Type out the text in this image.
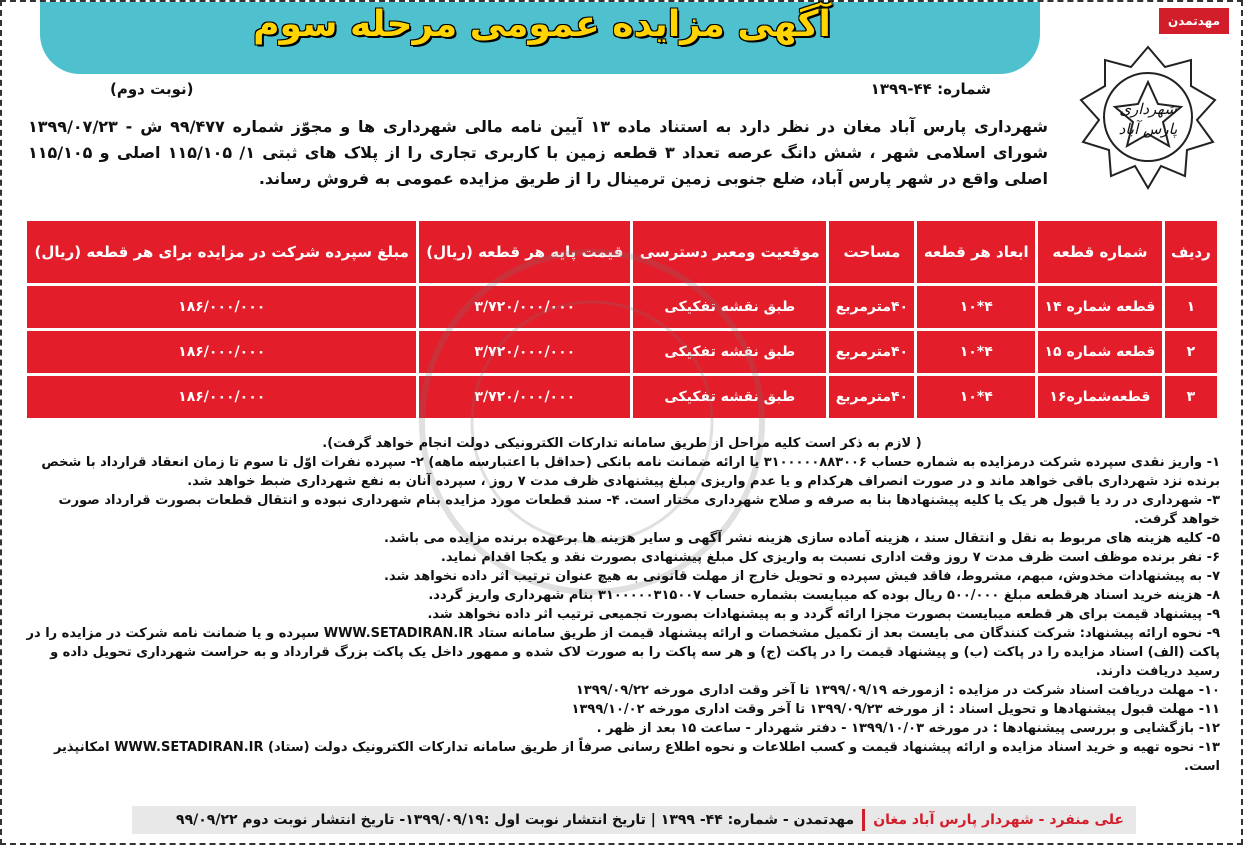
آگهی مزایده عمومی مرحله سوم	مهدتمدن
شماره: ۴۴-۱۳۹۹
(نوبت دوم)
شهرداری
پارس آباد
شهرداری پارس آباد مغان در نظر دارد به استناد ماده ۱۳ آیین نامه مالی شهرداری ها و مجوّز شماره ۹۹/۴۷۷ ش - ۱۳۹۹/۰۷/۲۳ شورای اسلامی شهر ، شش دانگ عرصه تعداد ۳ قطعه زمین با کاربری تجاری را از پلاک های ثبتی ۱/ ۱۱۵/۱۰۵ اصلی و ۱۱۵/۱۰۵ اصلی واقع در شهر پارس آباد، ضلع جنوبی زمین ترمینال را از طریق مزایده عمومی به فروش رساند.
ردیف	شماره قطعه	ابعاد هر قطعه	مساحت	موقعیت ومعبر دسترسی	قیمت پایه هر قطعه (ریال)	مبلغ سپرده شرکت در مزایده برای هر قطعه (ریال)
۱	قطعه شماره ۱۴	۴*۱۰	۴۰مترمربع	طبق نقشه تفکیکی	۳/۷۲۰/۰۰۰/۰۰۰	۱۸۶/۰۰۰/۰۰۰
۲	قطعه شماره ۱۵	۴*۱۰	۴۰مترمربع	طبق نقشه تفکیکی	۳/۷۲۰/۰۰۰/۰۰۰	۱۸۶/۰۰۰/۰۰۰
۳	قطعه‌شماره۱۶	۴*۱۰	۴۰مترمربع	طبق نقشه تفکیکی	۳/۷۲۰/۰۰۰/۰۰۰	۱۸۶/۰۰۰/۰۰۰

( لازم به ذکر است کلیه مراحل از طریق سامانه تدارکات الکترونیکی دولت انجام خواهد گرفت).

۱- واریز نقدی سپرده شرکت درمزایده به شماره حساب ۳۱۰۰۰۰۰۸۸۳۰۰۶ یا ارائه ضمانت نامه بانکی (حداقل با اعتبارسه ماهه) ۲- سپرده نفرات اوّل تا سوم تا زمان انعقاد قرارداد با شخص برنده نزد شهرداری باقی خواهد ماند و در صورت انصراف هرکدام و یا عدم واریزی مبلغ پیشنهادی ظرف مدت ۷ روز ، سپرده آنان به نفع شهرداری ضبط خواهد شد.

۳- شهرداری در رد یا قبول هر یک یا کلیه پیشنهادها بنا به صرفه و صلاح شهرداری مختار است. ۴- سند قطعات مورد مزایده بنام شهرداری نبوده و انتقال قطعات بصورت قرارداد صورت خواهد گرفت.

۵- کلیه هزینه های مربوط به نقل و انتقال سند ، هزینه آماده سازی هزینه نشر آگهی و سایر هزینه ها برعهده برنده مزایده می باشد.

۶- نفر برنده موظف است ظرف مدت ۷ روز وقت اداری نسبت به واریزی کل مبلغ پیشنهادی بصورت نقد و یکجا اقدام نماید.

۷- به پیشنهادات مخدوش، مبهم، مشروط، فاقد فیش سپرده و تحویل خارج از مهلت قانونی به هیچ عنوان ترتیب اثر داده نخواهد شد.

۸- هزینه خرید اسناد هرقطعه مبلغ ۵۰۰/۰۰۰ ریال بوده که میبایست بشماره حساب ۳۱۰۰۰۰۰۳۱۵۰۰۷ بنام شهرداری واریز گردد.

۹- پیشنهاد قیمت برای هر قطعه میبایست بصورت مجزا ارائه گردد و به پیشنهادات بصورت تجمیعی ترتیب اثر داده نخواهد شد.

۹- نحوه ارائه پیشنهاد: شرکت کنندگان می بایست بعد از تکمیل مشخصات و ارائه پیشنهاد قیمت از طریق سامانه ستاد WWW.SETADIRAN.IR سپرده و یا ضمانت نامه شرکت در مزایده را در پاکت (الف) اسناد مزایده را در پاکت (ب) و پیشنهاد قیمت را در پاکت (ج) و هر سه پاکت را به صورت لاک شده و ممهور داخل یک پاکت بزرگ قرارداد و به حراست شهرداری تحویل داده و رسید دریافت دارند.

۱۰- مهلت دریافت اسناد شرکت در مزایده : ازمورخه ۱۳۹۹/۰۹/۱۹ تا آخر وقت اداری مورخه ۱۳۹۹/۰۹/۲۲

۱۱- مهلت قبول پیشنهادها و تحویل اسناد : از مورخه ۱۳۹۹/۰۹/۲۳ تا آخر وقت اداری مورخه ۱۳۹۹/۱۰/۰۲

۱۲- بازگشایی و بررسی پیشنهادها : در مورخه ۱۳۹۹/۱۰/۰۳ - دفتر شهردار - ساعت ۱۵ بعد از ظهر .

۱۳- نحوه تهیه و خرید اسناد مزایده و ارائه پیشنهاد قیمت و کسب اطلاعات و نحوه اطلاع رسانی صرفاً از طریق سامانه تدارکات الکترونیک دولت (ستاد) WWW.SETADIRAN.IR امکانپذیر است.

علی منفرد - شهردار پارس آباد مغان
مهدتمدن - شماره: ۴۴- ۱۳۹۹ | تاریخ انتشار نوبت اول :۱۳۹۹/۰۹/۱۹- تاریخ انتشار نوبت دوم ۹۹/۰۹/۲۲
